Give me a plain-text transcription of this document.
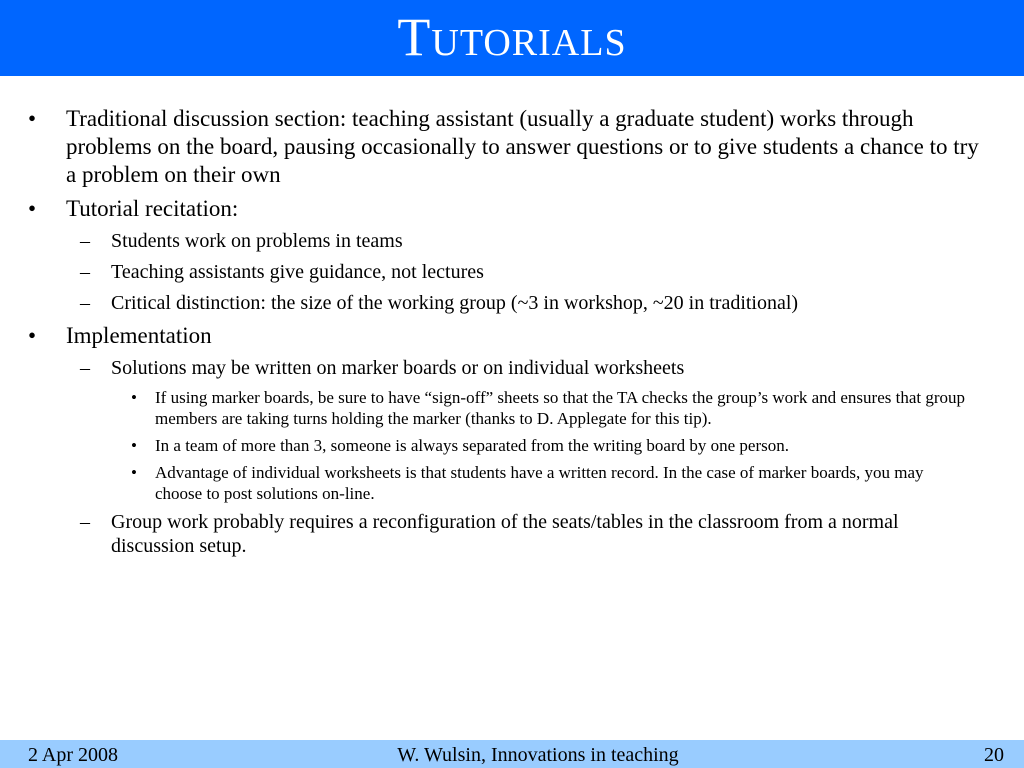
Tutorials
• Traditional discussion section: teaching assistant (usually a graduate student) works through problems on the board, pausing occasionally to answer questions or to give students a chance to try a problem on their own
• Tutorial recitation:
– Students work on problems in teams
– Teaching assistants give guidance, not lectures
– Critical distinction: the size of the working group (~3 in workshop, ~20 in traditional)
• Implementation
– Solutions may be written on marker boards or on individual worksheets
• If using marker boards, be sure to have “sign-off” sheets so that the TA checks the group’s work and ensures that group members are taking turns holding the marker (thanks to D. Applegate for this tip).
• In a team of more than 3, someone is always separated from the writing board by one person.
• Advantage of individual worksheets is that students have a written record. In the case of marker boards, you may choose to post solutions on-line.
– Group work probably requires a reconfiguration of the seats/tables in the classroom from a normal discussion setup.
2 Apr 2008	W. Wulsin, Innovations in teaching	20
